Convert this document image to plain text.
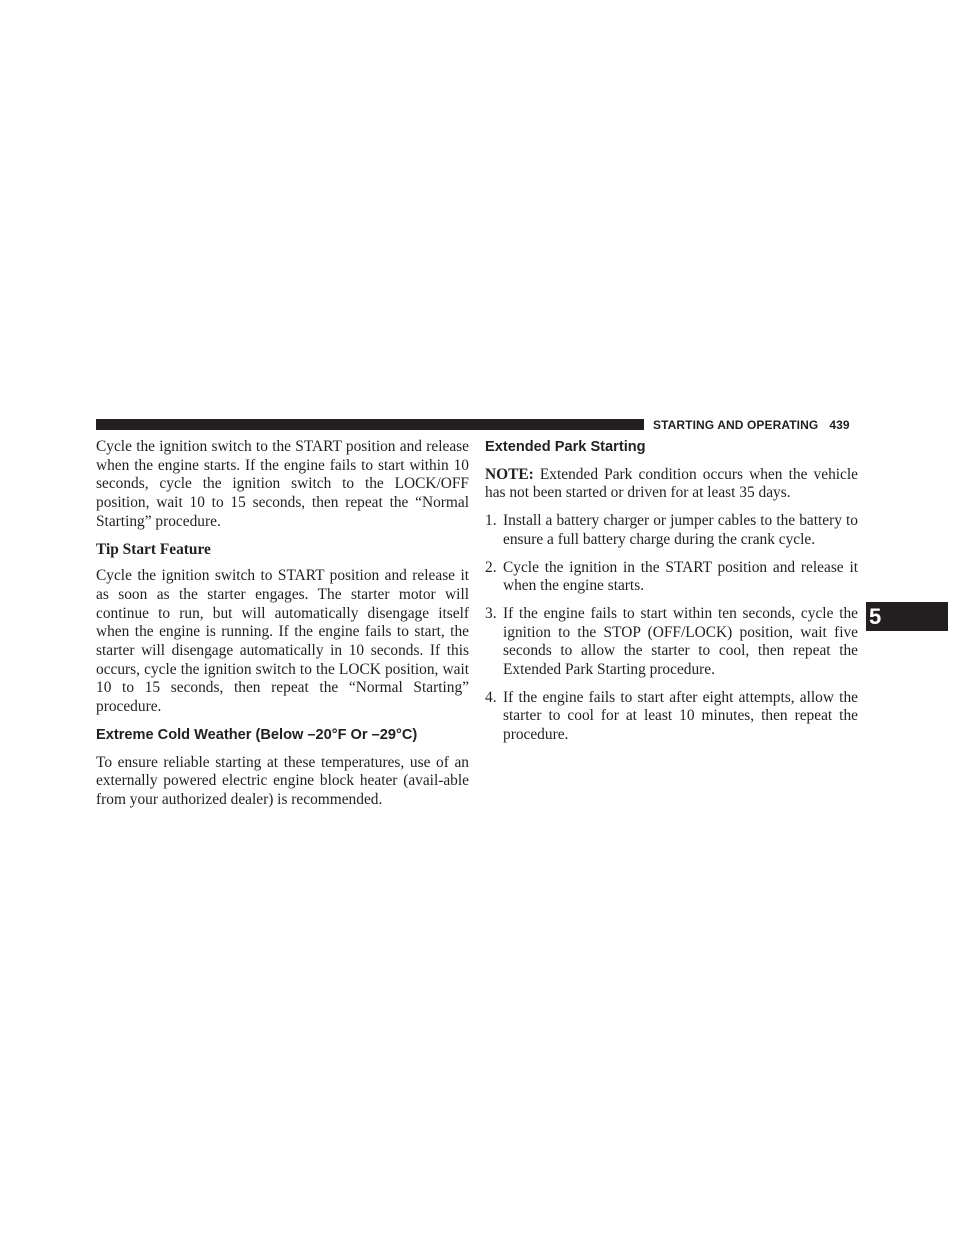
STARTING AND OPERATING 439

Cycle the ignition switch to the START position and release when the engine starts. If the engine fails to start within 10 seconds, cycle the ignition switch to the LOCK/OFF position, wait 10 to 15 seconds, then repeat the “Normal Starting” procedure.

Tip Start Feature

Cycle the ignition switch to START position and release it as soon as the starter engages. The starter motor will continue to run, but will automatically disengage itself when the engine is running. If the engine fails to start, the starter will disengage automatically in 10 seconds. If this occurs, cycle the ignition switch to the LOCK position, wait 10 to 15 seconds, then repeat the “Normal Starting” procedure.

Extreme Cold Weather (Below –20°F Or –29°C)

To ensure reliable starting at these temperatures, use of an externally powered electric engine block heater (avail-able from your authorized dealer) is recommended.

Extended Park Starting

NOTE: Extended Park condition occurs when the vehicle has not been started or driven for at least 35 days.

1. Install a battery charger or jumper cables to the battery to ensure a full battery charge during the crank cycle.
2. Cycle the ignition in the START position and release it when the engine starts.
3. If the engine fails to start within ten seconds, cycle the ignition to the STOP (OFF/LOCK) position, wait five seconds to allow the starter to cool, then repeat the Extended Park Starting procedure.
4. If the engine fails to start after eight attempts, allow the starter to cool for at least 10 minutes, then repeat the procedure.
5
